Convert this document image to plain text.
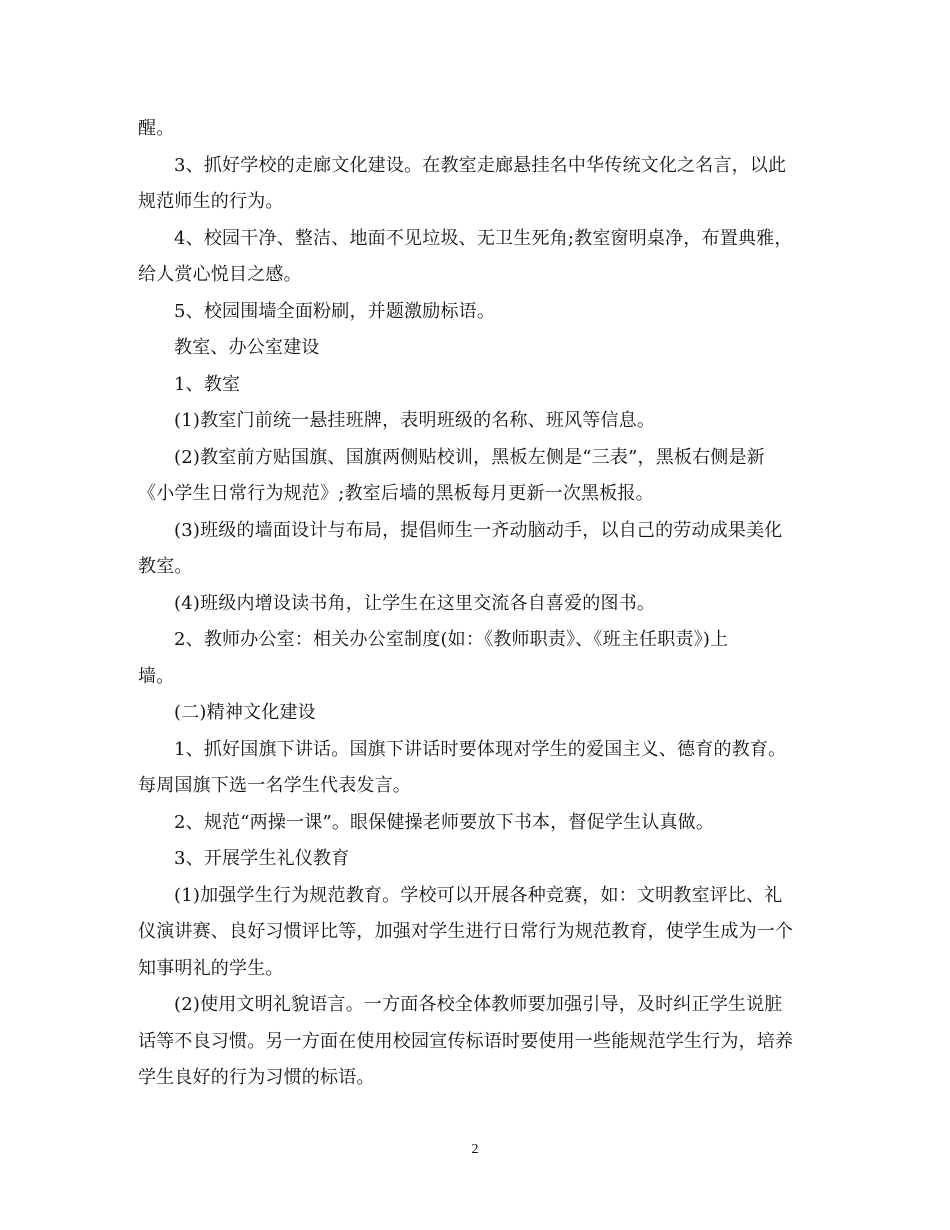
醒。
3、抓好学校的走廊文化建设。在教室走廊悬挂名中华传统文化之名言，以此
规范师生的行为。
4、校园干净、整洁、地面不见垃圾、无卫生死角;教室窗明桌净，布置典雅，
给人赏心悦目之感。
5、校园围墙全面粉刷，并题激励标语。
教室、办公室建设
1、教室
(1)教室门前统一悬挂班牌，表明班级的名称、班风等信息。
(2)教室前方贴国旗、国旗两侧贴校训，黑板左侧是“三表”，黑板右侧是新
《小学生日常行为规范》;教室后墙的黑板每月更新一次黑板报。
(3)班级的墙面设计与布局，提倡师生一齐动脑动手，以自己的劳动成果美化
教室。
(4)班级内增设读书角，让学生在这里交流各自喜爱的图书。
2、教师办公室：相关办公室制度(如：《教师职责》、《班主任职责》)上
墙。
(二)精神文化建设
1、抓好国旗下讲话。国旗下讲话时要体现对学生的爱国主义、德育的教育。
每周国旗下选一名学生代表发言。
2、规范“两操一课”。眼保健操老师要放下书本，督促学生认真做。
3、开展学生礼仪教育
(1)加强学生行为规范教育。学校可以开展各种竞赛，如：文明教室评比、礼
仪演讲赛、良好习惯评比等，加强对学生进行日常行为规范教育，使学生成为一个
知事明礼的学生。
(2)使用文明礼貌语言。一方面各校全体教师要加强引导，及时纠正学生说脏
话等不良习惯。另一方面在使用校园宣传标语时要使用一些能规范学生行为，培养
学生良好的行为习惯的标语。
2
